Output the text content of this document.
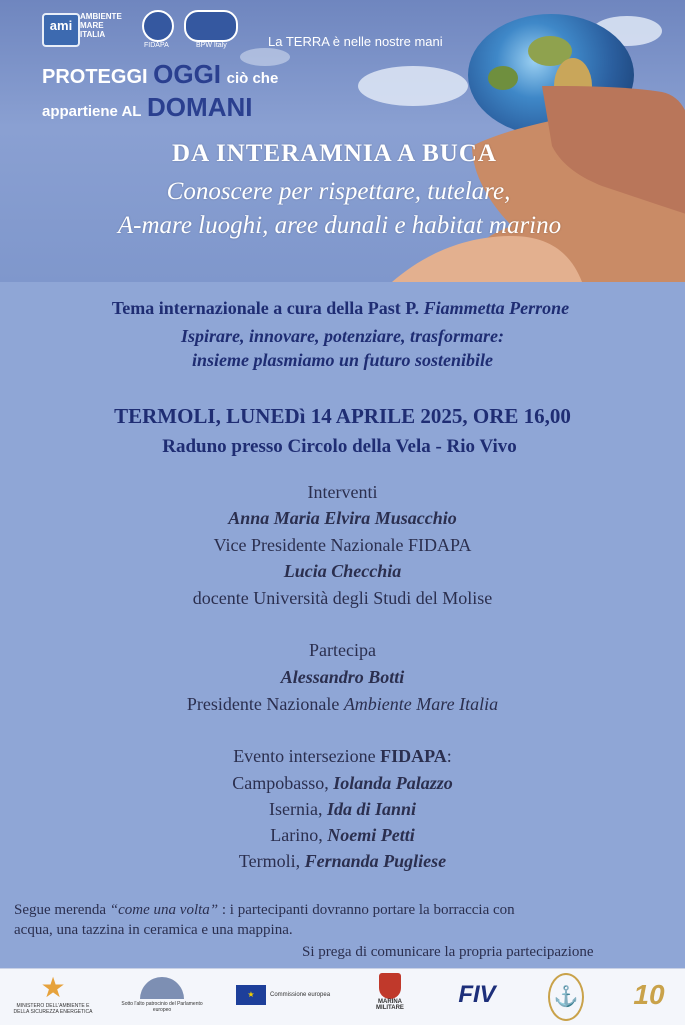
ami
AMBIENTE
MARE
ITALIA
FIDAPA	BPW Italy	La TERRA è nelle nostre mani
PROTEGGI OGGI ciò che
appartiene AL DOMANI
DA INTERAMNIA A BUCA
Conoscere per rispettare, tutelare,
A-mare luoghi, aree dunali e habitat marino
Tema internazionale a cura della Past P. Fiammetta Perrone
Ispirare, innovare, potenziare, trasformare:
insieme plasmiamo un futuro sostenibile
TERMOLI, LUNEDì 14 APRILE 2025, ORE 16,00
Raduno presso Circolo della Vela - Rio Vivo
Interventi
Anna Maria Elvira Musacchio
Vice Presidente Nazionale FIDAPA
Lucia Checchia
docente Università degli Studi del Molise
Partecipa
Alessandro Botti
Presidente Nazionale Ambiente Mare Italia
Evento intersezione FIDAPA:
Campobasso, Iolanda Palazzo
Isernia, Ida di Ianni
Larino, Noemi Petti
Termoli, Fernanda Pugliese
Segue merenda “come una volta” : i partecipanti dovranno portare la borraccia con
acqua, una tazzina in ceramica e una mappina.
Si prega di comunicare la propria partecipazione
★
MINISTERO DELL'AMBIENTE E DELLA SICUREZZA ENERGETICA
Sotto l'alto patrocinio del Parlamento europeo
★	Commissione europea
MARINA MILITARE	FIV	⚓	10
